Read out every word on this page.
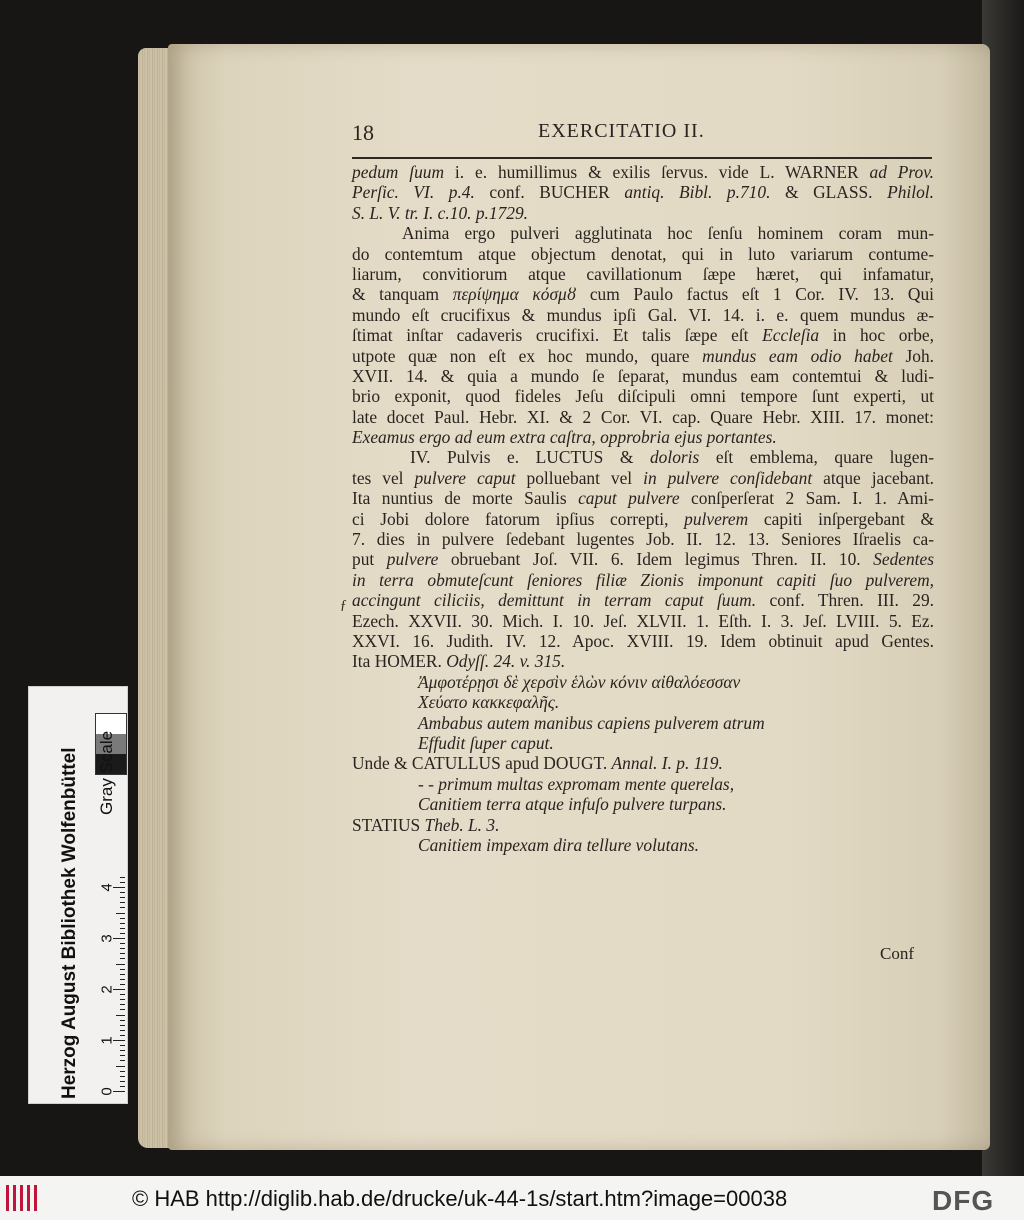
18	EXERCITATIO II.
pedum ſuum i. e. humillimus & exilis ſervus. vide L. WARNER ad Prov.
Perſic. VI. p.4. conf. BUCHER antiq. Bibl. p.710. & GLASS. Philol.
S. L. V. tr. I. c.10. p.1729.
Anima ergo pulveri agglutinata hoc ſenſu hominem coram mun-
do contemtum atque objectum denotat, qui in luto variarum contume-
liarum, convitiorum atque cavillationum ſæpe hæret, qui infamatur,
& tanquam περίψημα κόσμȣ cum Paulo factus eſt 1 Cor. IV. 13. Qui
mundo eſt crucifixus & mundus ipſi Gal. VI. 14. i. e. quem mundus æ-
ſtimat inſtar cadaveris crucifixi. Et talis ſæpe eſt Eccleſia in hoc orbe,
utpote quæ non eſt ex hoc mundo, quare mundus eam odio habet Joh.
XVII. 14. & quia a mundo ſe ſeparat, mundus eam contemtui & ludi-
brio exponit, quod fideles Jeſu diſcipuli omni tempore ſunt experti, ut
late docet Paul. Hebr. XI. & 2 Cor. VI. cap. Quare Hebr. XIII. 17. monet:
Exeamus ergo ad eum extra caſtra, opprobria ejus portantes.
IV. Pulvis e. LUCTUS & doloris eſt emblema, quare lugen-
tes vel pulvere caput polluebant vel in pulvere conſidebant atque jacebant.
Ita nuntius de morte Saulis caput pulvere conſperſerat 2 Sam. I. 1. Ami-
ci Jobi dolore fatorum ipſius correpti, pulverem capiti inſpergebant &
7. dies in pulvere ſedebant lugentes Job. II. 12. 13. Seniores Iſraelis ca-
put pulvere obruebant Joſ. VII. 6. Idem legimus Thren. II. 10. Sedentes
in terra obmuteſcunt ſeniores filiæ Zionis imponunt capiti ſuo pulverem,
accingunt ciliciis, demittunt in terram caput ſuum. conf. Thren. III. 29.
Ezech. XXVII. 30. Mich. I. 10. Jeſ. XLVII. 1. Eſth. I. 3. Jeſ. LVIII. 5. Ez.
XXVI. 16. Judith. IV. 12. Apoc. XVIII. 19. Idem obtinuit apud Gentes.
Ita HOMER. Odyſſ. 24. v. 315.
Ἀμφοτέρῃσι δὲ χερσὶν ἑλὼν κόνιν αἰθαλόεσσαν
Χεύατο κακκεφαλῆς.
Ambabus autem manibus capiens pulverem atrum
Effudit ſuper caput.
Unde & CATULLUS apud DOUGT. Annal. I. p. 119.
- - primum multas expromam mente querelas,
Canitiem terra atque infuſo pulvere turpans.
STATIUS Theb. L. 3.
Canitiem impexam dira tellure volutans.
ƒ
Conf
Herzog August Bibliothek Wolfenbüttel Gray Scale
0
1
2
3
4
© HAB http://diglib.hab.de/drucke/uk-44-1s/start.htm?image=00038	DFG
